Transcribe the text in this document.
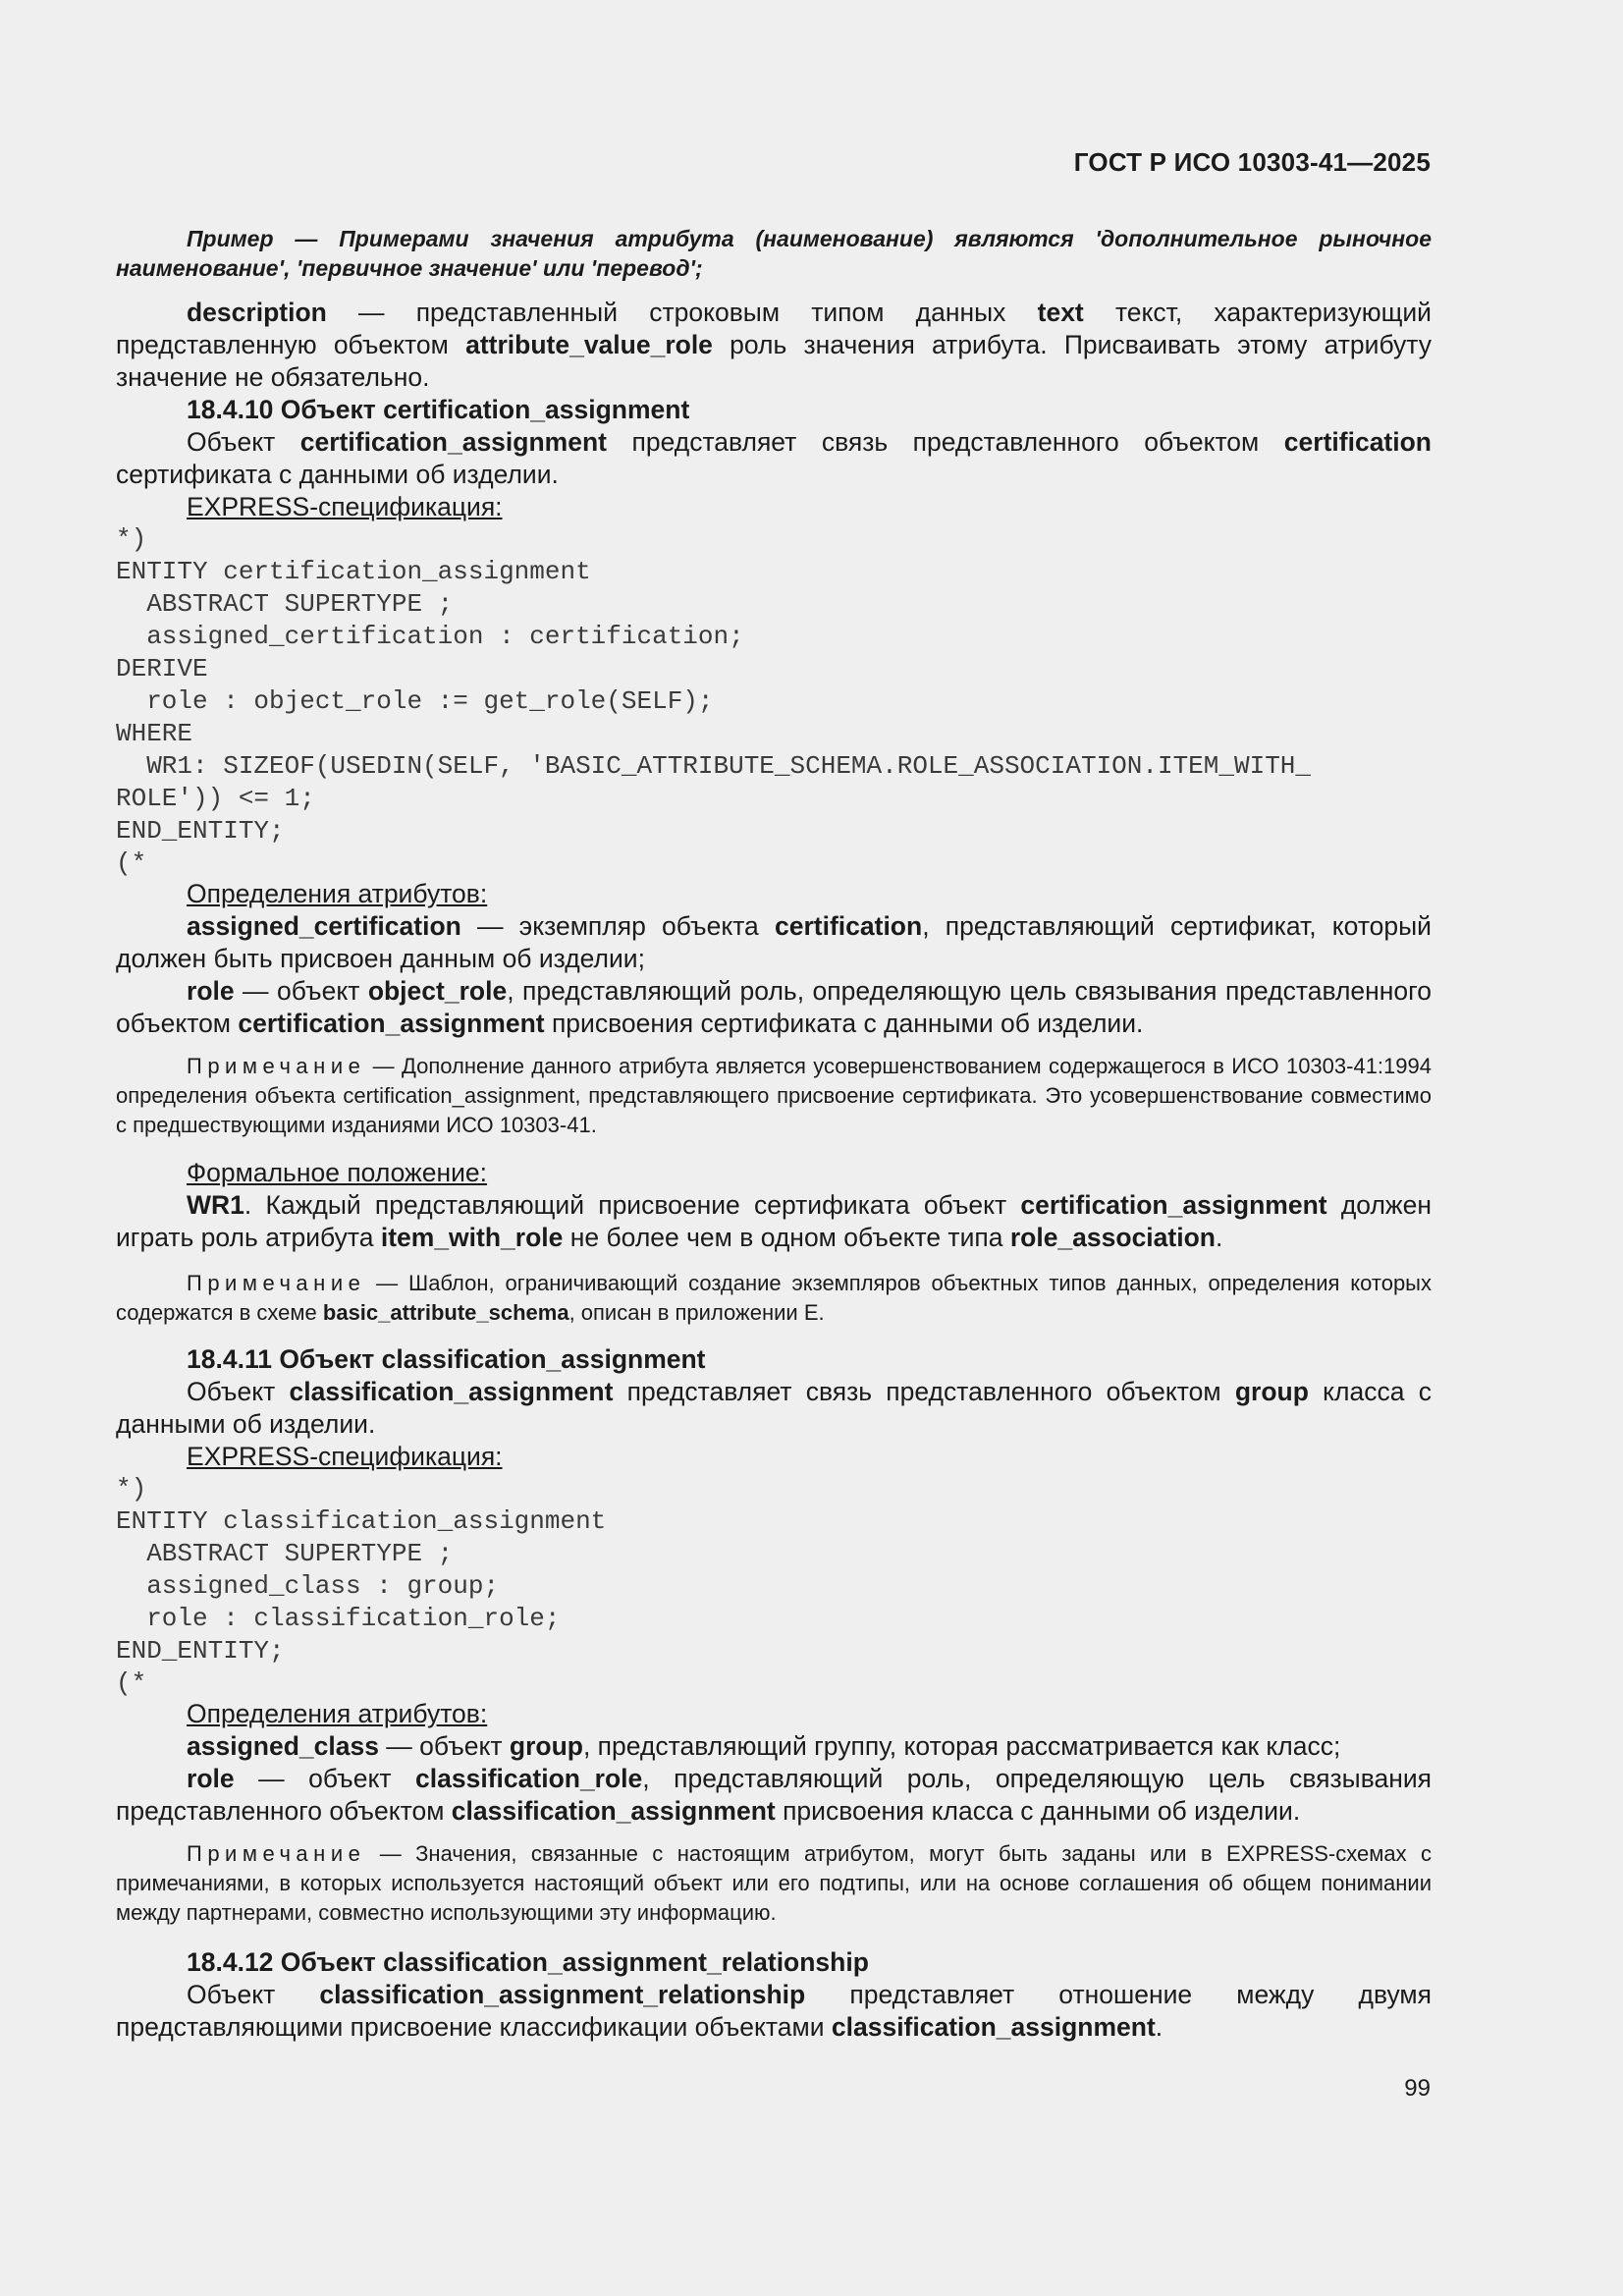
ГОСТ Р ИСО 10303-41—2025

Пример — Примерами значения атрибута (наименование) являются 'дополнительное рыночное наименование', 'первичное значение' или 'перевод';

description — представленный строковым типом данных text текст, характеризующий представленную объектом attribute_value_role роль значения атрибута. Присваивать этому атрибуту значение не обязательно.

18.4.10 Объект certification_assignment

Объект certification_assignment представляет связь представленного объектом certification сертификата с данными об изделии.

EXPRESS-спецификация:

*)
ENTITY certification_assignment
ABSTRACT SUPERTYPE ;
assigned_certification : certification;
DERIVE
role : object_role := get_role(SELF);
WHERE
WR1: SIZEOF(USEDIN(SELF, 'BASIC_ATTRIBUTE_SCHEMA.ROLE_ASSOCIATION.ITEM_WITH_
ROLE')) <= 1;
END_ENTITY;
(*

Определения атрибутов:

assigned_certification — экземпляр объекта certification, представляющий сертификат, который должен быть присвоен данным об изделии;

role — объект object_role, представляющий роль, определяющую цель связывания представленного объектом certification_assignment присвоения сертификата с данными об изделии.

Примечание — Дополнение данного атрибута является усовершенствованием содержащегося в ИСО 10303-41:1994 определения объекта certification_assignment, представляющего присвоение сертификата. Это усовершенствование совместимо с предшествующими изданиями ИСО 10303-41.

Формальное положение:

WR1. Каждый представляющий присвоение сертификата объект certification_assignment должен играть роль атрибута item_with_role не более чем в одном объекте типа role_association.

Примечание — Шаблон, ограничивающий создание экземпляров объектных типов данных, определения которых содержатся в схеме basic_attribute_schema, описан в приложении E.

18.4.11 Объект classification_assignment

Объект classification_assignment представляет связь представленного объектом group класса с данными об изделии.

EXPRESS-спецификация:

*)
ENTITY classification_assignment
ABSTRACT SUPERTYPE ;
assigned_class : group;
role : classification_role;
END_ENTITY;
(*

Определения атрибутов:

assigned_class — объект group, представляющий группу, которая рассматривается как класс;

role — объект classification_role, представляющий роль, определяющую цель связывания представленного объектом classification_assignment присвоения класса с данными об изделии.

Примечание — Значения, связанные с настоящим атрибутом, могут быть заданы или в EXPRESS-схемах с примечаниями, в которых используется настоящий объект или его подтипы, или на основе соглашения об общем понимании между партнерами, совместно использующими эту информацию.

18.4.12 Объект classification_assignment_relationship

Объект classification_assignment_relationship представляет отношение между двумя представляющими присвоение классификации объектами classification_assignment.

99
